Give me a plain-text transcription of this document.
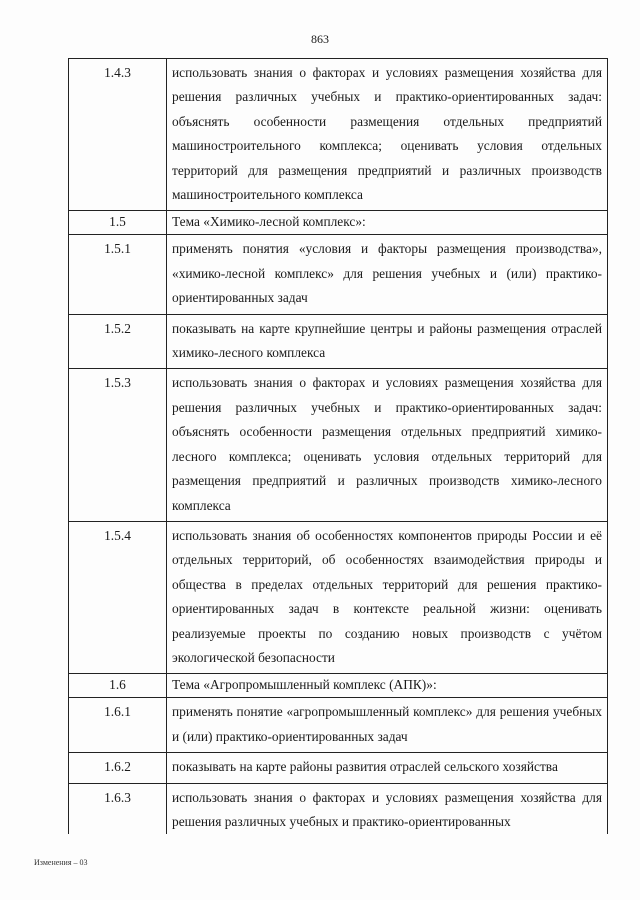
863
1.4.3	использовать знания о факторах и условиях размещения хозяйства для решения различных учебных и практико-ориентированных задач: объяснять особенности размещения отдельных предприятий машиностроительного комплекса; оценивать условия отдельных территорий для размещения предприятий и различных производств машиностроительного комплекса
1.5	Тема «Химико-лесной комплекс»:
1.5.1	применять понятия «условия и факторы размещения производства», «химико-лесной комплекс» для решения учебных и (или) практико-ориентированных задач
1.5.2	показывать на карте крупнейшие центры и районы размещения отраслей химико-лесного комплекса
1.5.3	использовать знания о факторах и условиях размещения хозяйства для решения различных учебных и практико-ориентированных задач: объяснять особенности размещения отдельных предприятий химико-лесного комплекса; оценивать условия отдельных территорий для размещения предприятий и различных производств химико-лесного комплекса
1.5.4	использовать знания об особенностях компонентов природы России и её отдельных территорий, об особенностях взаимодействия природы и общества в пределах отдельных территорий для решения практико-ориентированных задач в контексте реальной жизни: оценивать реализуемые проекты по созданию новых производств с учётом экологической безопасности
1.6	Тема «Агропромышленный комплекс (АПК)»:
1.6.1	применять понятие «агропромышленный комплекс» для решения учебных и (или) практико-ориентированных задач
1.6.2	показывать на карте районы развития отраслей сельского хозяйства
1.6.3	использовать знания о факторах и условиях размещения хозяйства для решения различных учебных и практико-ориентированных
Изменения – 03
